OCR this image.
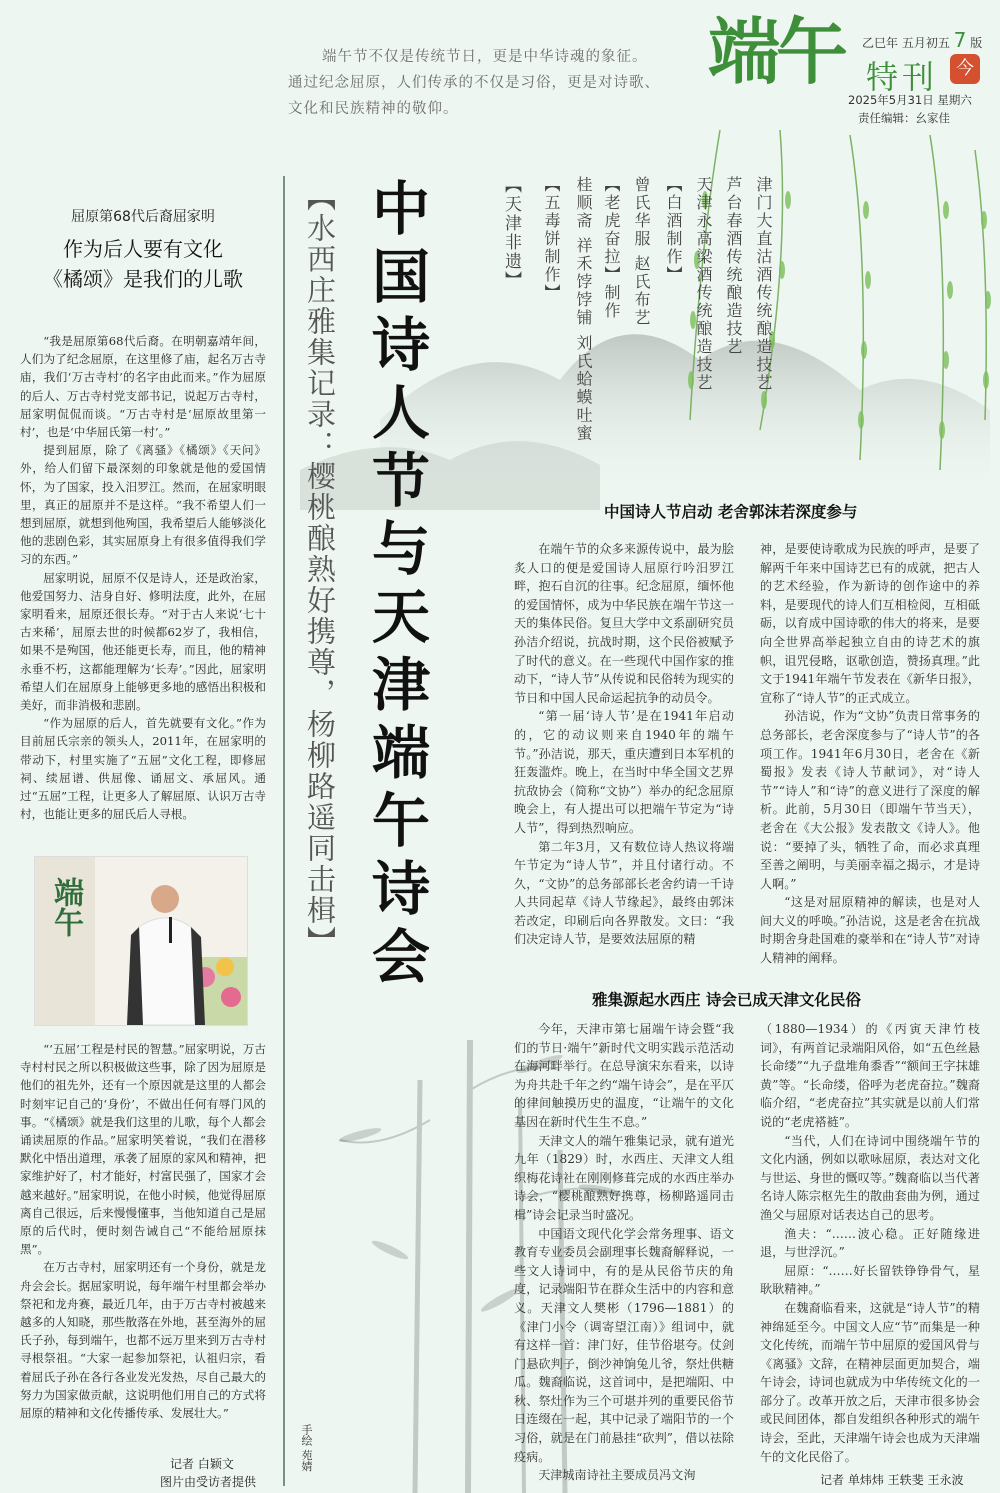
端午节不仅是传统节日，更是中华诗魂的象征。
通过纪念屈原，人们传承的不仅是习俗，更是对诗歌、
文化和民族精神的敬仰。
端午 乙巳年 五月初五 7 版
特刊 今
2025年5月31日 星期六
责任编辑：幺家佳
屈原第68代后裔屈家明
作为后人要有文化
《橘颂》是我们的儿歌

“我是屈原第68代后裔。在明朝嘉靖年间，人们为了纪念屈原，在这里修了庙，起名万古寺庙，我们‘万古寺村’的名字由此而来。”作为屈原的后人、万古寺村党支部书记，说起万古寺村，屈家明侃侃而谈。“万古寺村是‘屈原故里第一村’，也是‘中华屈氏第一村’。”

提到屈原，除了《离骚》《橘颂》《天问》外，给人们留下最深刻的印象就是他的爱国情怀，为了国家，投入汨罗江。然而，在屈家明眼里，真正的屈原并不是这样。“我不希望人们一想到屈原，就想到他殉国，我希望后人能够淡化他的悲剧色彩，其实屈原身上有很多值得我们学习的东西。”

屈家明说，屈原不仅是诗人，还是政治家，他爱国努力、洁身自好、修明法度，此外，在屈家明看来，屈原还很长寿。“对于古人来说‘七十古来稀’，屈原去世的时候都62岁了，我相信，如果不是殉国，他还能更长寿，而且，他的精神永垂不朽，这都能理解为‘长寿’。”因此，屈家明希望人们在屈原身上能够更多地的感悟出积极和美好，而非消极和悲剧。

“作为屈原的后人，首先就要有文化。”作为目前屈氏宗亲的领头人，2011年，在屈家明的带动下，村里实施了“五屈”文化工程，即修屈祠、续屈谱、供屈像、诵屈文、承屈风。通过“五屈”工程，让更多人了解屈原、认识万古寺村，也能让更多的屈氏后人寻根。

端午

“‘五屈’工程是村民的智慧。”屈家明说，万古寺村村民之所以积极做这些事，除了因为屈原是他们的祖先外，还有一个原因就是这里的人都会时刻牢记自己的‘身份’，不做出任何有辱门风的事。“《橘颂》就是我们这里的儿歌，每个人都会诵读屈原的作品。”屈家明笑着说，“我们在潜移默化中悟出道理，承袭了屈原的家风和精神，把家维护好了，村才能好，村富民强了，国家才会越来越好。”屈家明说，在他小时候，他觉得屈原离自己很远，后来慢慢懂事，当他知道自己是屈原的后代时，便时刻告诫自己“不能给屈原抹黑”。

在万古寺村，屈家明还有一个身份，就是龙舟会会长。据屈家明说，每年端午村里都会举办祭祀和龙舟赛，最近几年，由于万古寺村被越来越多的人知晓，那些散落在外地，甚至海外的屈氏子孙，每到端午，也都不远万里来到万古寺村寻根祭祖。“大家一起参加祭祀，认祖归宗，看着屈氏子孙在各行各业发光发热，尽自己最大的努力为国家做贡献，这说明他们用自己的方式将屈原的精神和文化传播传承、发展壮大。”

记者 白颖文
图片由受访者提供
【水西庄雅集记录：樱桃酿熟好携尊，杨柳路遥同击楫】 中国诗人节与天津端午诗会	【天津非遗】 【五毒饼制作】 桂顺斋 祥禾饽饽铺 刘氏蛤蟆吐蜜 【老虎奋拉】制作 曾氏华服 赵氏布艺 【白酒制作】 天津永高梁酒传统酿造技艺 芦台春酒传统酿造技艺 津门大直沽酒传统酿造技艺
手绘 苑婧
中国诗人节启动 老舍郭沫若深度参与

在端午节的众多来源传说中，最为脍炙人口的便是爱国诗人屈原行吟汨罗江畔，抱石自沉的往事。纪念屈原，缅怀他的爱国情怀，成为中华民族在端午节这一天的集体民俗。复旦大学中文系副研究员孙洁介绍说，抗战时期，这个民俗被赋予了时代的意义。在一些现代中国作家的推动下，“诗人节”从传说和民俗转为现实的节日和中国人民命运起抗争的动员令。

“第一届‘诗人节’是在1941年启动的，它的动议则来自1940年的端午节。”孙洁说，那天，重庆遭到日本军机的狂轰滥炸。晚上，在当时中华全国文艺界抗敌协会（简称“文协”）举办的纪念屈原晚会上，有人提出可以把端午节定为“诗人节”，得到热烈响应。

第二年3月，又有数位诗人热议将端午节定为“诗人节”，并且付诸行动。不久，“文协”的总务部部长老舍约请一千诗人共同起草《诗人节缘起》，最终由郭沫若改定，印刷后向各界散发。文曰：“我们决定诗人节，是要效法屈原的精

神，是要使诗歌成为民族的呼声，是要了解两千年来中国诗艺已有的成就，把古人的艺术经验，作为新诗的创作途中的养料，是要现代的诗人们互相检阅，互相砥砺，以育成中国诗歌的伟大的将来，是要向全世界高举起独立自由的诗艺术的旗帜，诅咒侵略，讴歌创造，赞扬真理。”此文于1941年端午节发表在《新华日报》，宣称了“诗人节”的正式成立。

孙洁说，作为“文协”负责日常事务的总务部长，老舍深度参与了“诗人节”的各项工作。1941年6月30日，老舍在《新蜀报》发表《诗人节献词》，对“诗人节”“诗人”和“诗”的意义进行了深度的解析。此前，5月30日（即端午节当天），老舍在《大公报》发表散文《诗人》。他说：“要掉了头，牺牲了命，而必求真理至善之阐明，与美丽幸福之揭示，才是诗人啊。”

“这是对屈原精神的解读，也是对人间大义的呼唤。”孙洁说，这是老舍在抗战时期舍身赴国难的豪举和在“诗人节”对诗人精神的阐释。

雅集源起水西庄 诗会已成天津文化民俗

今年，天津市第七届端午诗会暨“我们的节日·端午”新时代文明实践示范活动在海河畔举行。在总导演宋东看来，以诗为舟共赴千年之约“端午诗会”，是在平仄的律间触摸历史的温度，“让端午的文化基因在新时代生生不息。”

天津文人的端午雅集记录，就有道光九年（1829）时，水西庄、天津文人组织梅花诗社在刚刚修葺完成的水西庄举办诗会，“樱桃酿熟好携尊，杨柳路遥同击楫”诗会记录当时盛况。

中国语文现代化学会常务理事、语文教育专业委员会副理事长魏裔解释说，一些文人诗词中，有的是从民俗节庆的角度，记录端阳节在群众生活中的内容和意义。天津文人樊彬（1796—1881）的《津门小令（调寄望江南）》组词中，就有这样一首：津门好，佳节俗堪夸。仗剑门悬砍判子，倒沙神饷兔儿爷，祭灶供糖瓜。魏裔临说，这首词中，是把端阳、中秋、祭灶作为三个可堪并列的重要民俗节日连缀在一起，其中记录了端阳节的一个习俗，就是在门前悬挂“砍判”，借以祛除疫病。

天津城南诗社主要成员冯文洵

（1880—1934）的《丙寅天津竹枝词》，有两首记录端阳风俗，如“五色丝悬长命缕”“九子盘堆角黍香”“额间王字抹雄黄”等。“长命缕，俗呼为老虎奋拉。”魏裔临介绍，“老虎奋拉”其实就是以前人们常说的“老虎褡裢”。

“当代，人们在诗词中围绕端午节的文化内涵，例如以歌咏屈原，表达对文化与世运、身世的慨叹等。”魏裔临以当代著名诗人陈宗枢先生的散曲套曲为例，通过渔父与屈原对话表达自己的思考。

渔夫：“……波心稳。正好随缘进退，与世浮沉。”

屈原：“……好长留铁铮铮骨气，星耿耿精神。”

在魏裔临看来，这就是“诗人节”的精神绵延至今。中国文人应“节”而集是一种文化传统，而端午节中屈原的爱国风骨与《离骚》文辞，在精神层面更加契合，端午诗会，诗词也就成为中华传统文化的一部分了。改革开放之后，天津市很多协会或民间团体，都自发组织各种形式的端午诗会，至此，天津端午诗会也成为天津端午的文化民俗了。

记者 单炜炜 王轶斐 王永波
